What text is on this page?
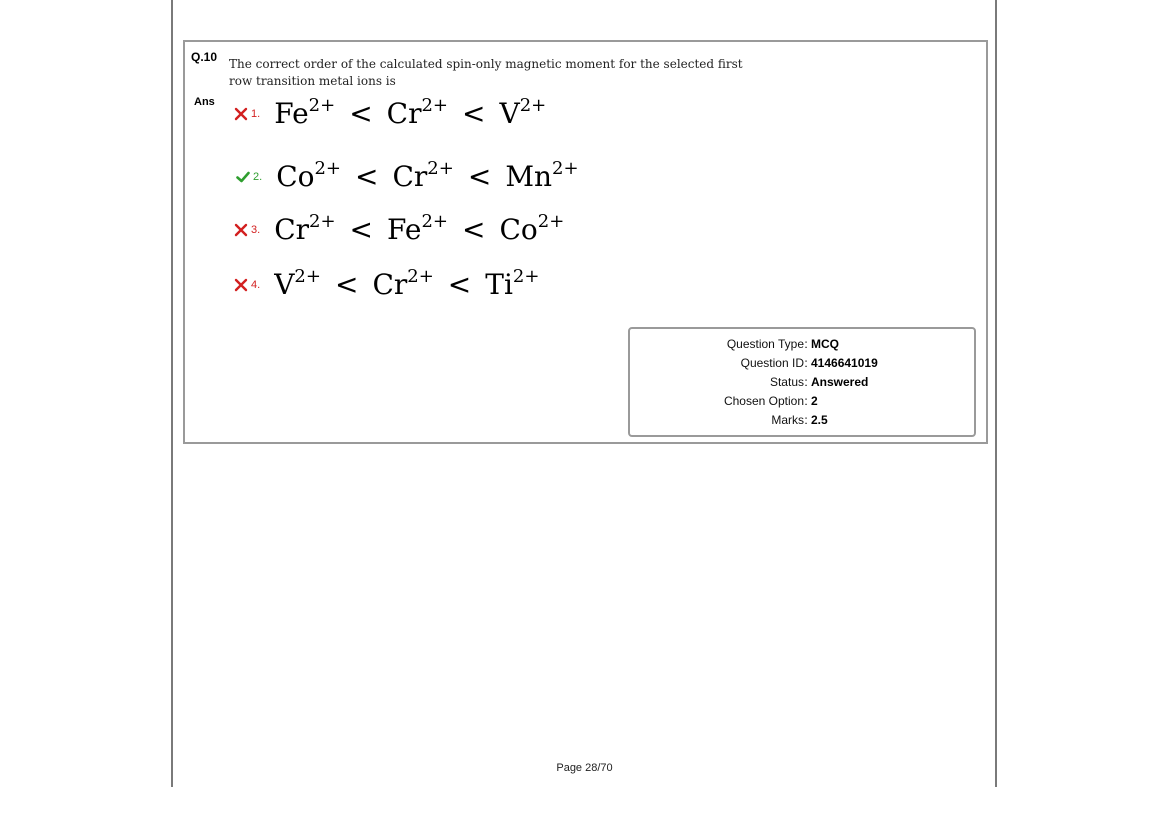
Q.10 The correct order of the calculated spin-only magnetic moment for the selected first
row transition metal ions is
Ans
1. $Fe^{2+} < Cr^{2+} < V^{2+}$
2. $Co^{2+} < Cr^{2+} < Mn^{2+}$
3. $Cr^{2+} < Fe^{2+} < Co^{2+}$
4. $V^{2+} < Cr^{2+} < Ti^{2+}$
Question Type : MCQ
Question ID : 4146641019
Status : Answered
Chosen Option : 2
Marks : 2.5
Page 28/70
